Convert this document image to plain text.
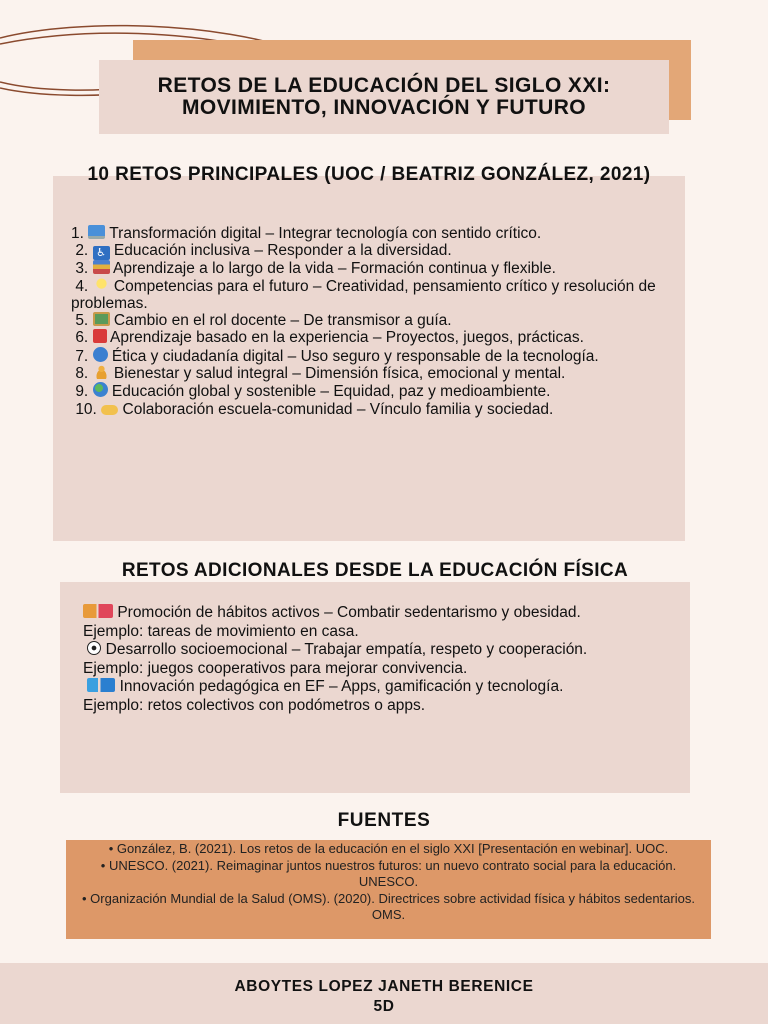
RETOS DE LA EDUCACIÓN DEL SIGLO XXI: MOVIMIENTO, INNOVACIÓN Y FUTURO
10 RETOS PRINCIPALES (UOC / BEATRIZ GONZÁLEZ, 2021)
1. Transformación digital – Integrar tecnología con sentido crítico.
2. ♿ Educación inclusiva – Responder a la diversidad.
3. Aprendizaje a lo largo de la vida – Formación continua y flexible.
4. Competencias para el futuro – Creatividad, pensamiento crítico y resolución de problemas.
5. Cambio en el rol docente – De transmisor a guía.
6. Aprendizaje basado en la experiencia – Proyectos, juegos, prácticas.
7. Ética y ciudadanía digital – Uso seguro y responsable de la tecnología.
8. Bienestar y salud integral – Dimensión física, emocional y mental.
9. Educación global y sostenible – Equidad, paz y medioambiente.
10. Colaboración escuela-comunidad – Vínculo familia y sociedad.
RETOS ADICIONALES DESDE LA EDUCACIÓN FÍSICA
Promoción de hábitos activos – Combatir sedentarismo y obesidad.
Ejemplo: tareas de movimiento en casa.
Desarrollo socioemocional – Trabajar empatía, respeto y cooperación.
Ejemplo: juegos cooperativos para mejorar convivencia.
Innovación pedagógica en EF – Apps, gamificación y tecnología.
Ejemplo: retos colectivos con podómetros o apps.
FUENTES
• González, B. (2021). Los retos de la educación en el siglo XXI [Presentación en webinar]. UOC.
• UNESCO. (2021). Reimaginar juntos nuestros futuros: un nuevo contrato social para la educación. UNESCO.
• Organización Mundial de la Salud (OMS). (2020). Directrices sobre actividad física y hábitos sedentarios. OMS.
ABOYTES LOPEZ JANETH BERENICE
5D
